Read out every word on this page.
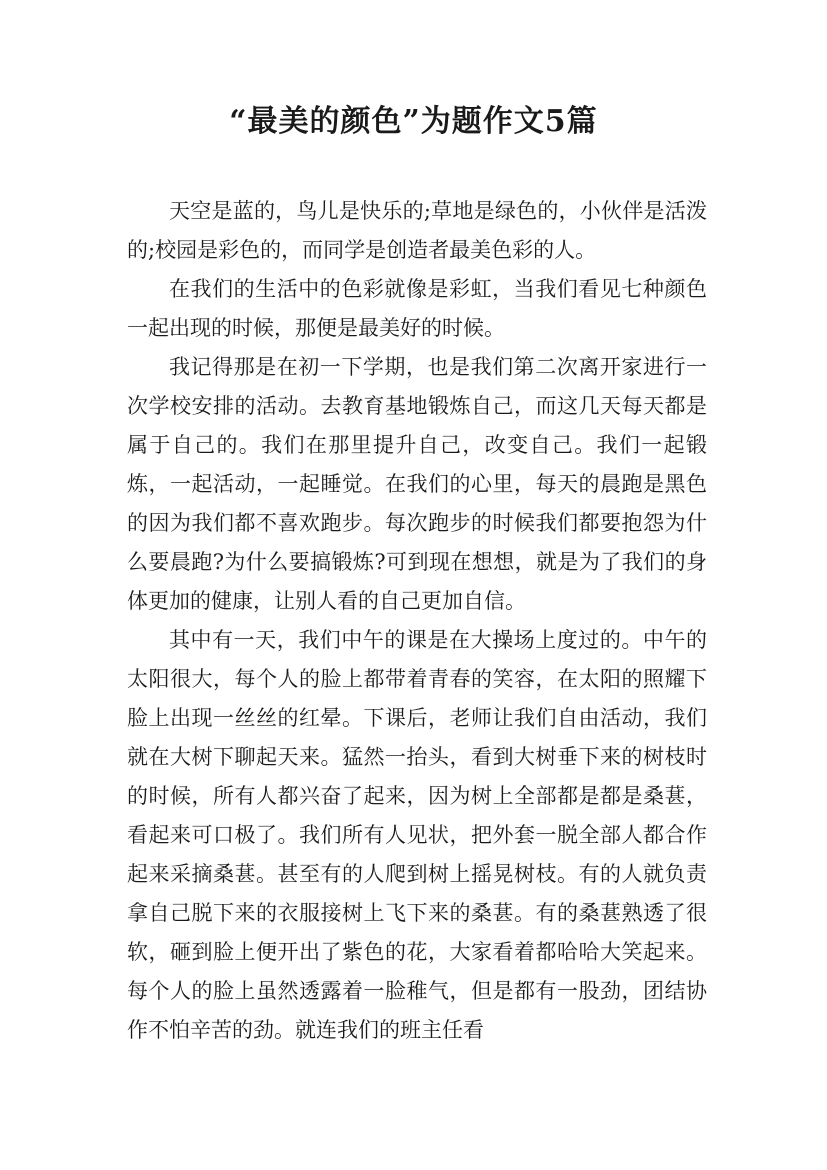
“最美的颜色”为题作文5篇

天空是蓝的，鸟儿是快乐的;草地是绿色的，小伙伴是活泼的;校园是彩色的，而同学是创造者最美色彩的人。

在我们的生活中的色彩就像是彩虹，当我们看见七种颜色一起出现的时候，那便是最美好的时候。

我记得那是在初一下学期，也是我们第二次离开家进行一次学校安排的活动。去教育基地锻炼自己，而这几天每天都是属于自己的。我们在那里提升自己，改变自己。我们一起锻炼，一起活动，一起睡觉。在我们的心里，每天的晨跑是黑色的因为我们都不喜欢跑步。每次跑步的时候我们都要抱怨为什么要晨跑?为什么要搞锻炼?可到现在想想，就是为了我们的身体更加的健康，让别人看的自己更加自信。

其中有一天，我们中午的课是在大操场上度过的。中午的太阳很大，每个人的脸上都带着青春的笑容，在太阳的照耀下脸上出现一丝丝的红晕。下课后，老师让我们自由活动，我们就在大树下聊起天来。猛然一抬头，看到大树垂下来的树枝时的时候，所有人都兴奋了起来，因为树上全部都是都是桑葚，看起来可口极了。我们所有人见状，把外套一脱全部人都合作起来采摘桑葚。甚至有的人爬到树上摇晃树枝。有的人就负责拿自己脱下来的衣服接树上飞下来的桑葚。有的桑葚熟透了很软，砸到脸上便开出了紫色的花，大家看着都哈哈大笑起来。每个人的脸上虽然透露着一脸稚气，但是都有一股劲，团结协作不怕辛苦的劲。就连我们的班主任看
